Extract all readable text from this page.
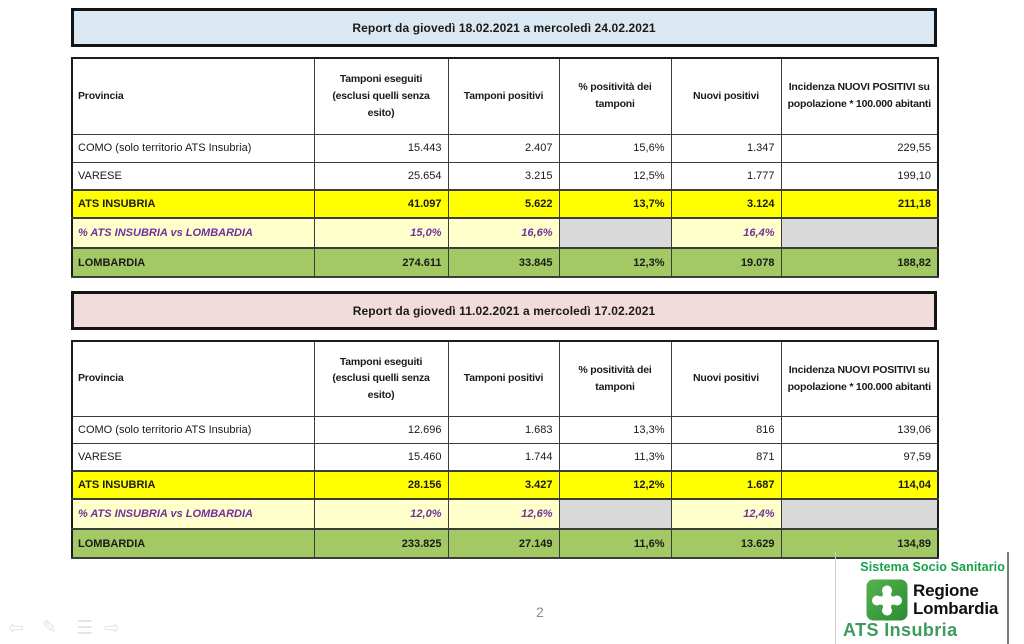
Report da giovedì 18.02.2021 a mercoledì 24.02.2021
Provincia	Tamponi eseguiti (esclusi quelli senza esito)	Tamponi positivi	% positività dei tamponi	Nuovi positivi	Incidenza NUOVI POSITIVI su popolazione * 100.000 abitanti
COMO (solo territorio ATS Insubria)	15.443	2.407	15,6%	1.347	229,55
VARESE	25.654	3.215	12,5%	1.777	199,10
ATS INSUBRIA	41.097	5.622	13,7%	3.124	211,18
% ATS INSUBRIA vs LOMBARDIA	15,0%	16,6%		16,4%	
LOMBARDIA	274.611	33.845	12,3%	19.078	188,82
Report da giovedì 11.02.2021 a mercoledì 17.02.2021
Provincia	Tamponi eseguiti (esclusi quelli senza esito)	Tamponi positivi	% positività dei tamponi	Nuovi positivi	Incidenza NUOVI POSITIVI su popolazione * 100.000 abitanti
COMO (solo territorio ATS Insubria)	12.696	1.683	13,3%	816	139,06
VARESE	15.460	1.744	11,3%	871	97,59
ATS INSUBRIA	28.156	3.427	12,2%	1.687	114,04
% ATS INSUBRIA vs LOMBARDIA	12,0%	12,6%		12,4%	
LOMBARDIA	233.825	27.149	11,6%	13.629	134,89
2
⇦ ✎ ☰ ⇨
Sistema Socio Sanitario
Regione
Lombardia
ATS Insubria
